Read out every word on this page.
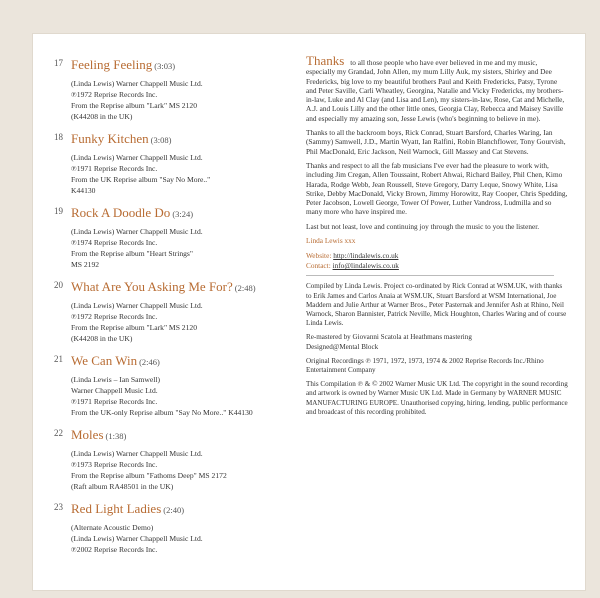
17 Feeling Feeling (3:03)
(Linda Lewis) Warner Chappell Music Ltd.
℗1972 Reprise Records Inc.
From the Reprise album "Lark" MS 2120
(K44208 in the UK)
18 Funky Kitchen (3:08)
(Linda Lewis) Warner Chappell Music Ltd.
℗1971 Reprise Records Inc.
From the UK Reprise album "Say No More.."
K44130
19 Rock A Doodle Do (3:24)
(Linda Lewis) Warner Chappell Music Ltd.
℗1974 Reprise Records Inc.
From the Reprise album "Heart Strings"
MS 2192
20 What Are You Asking Me For? (2:48)
(Linda Lewis) Warner Chappell Music Ltd.
℗1972 Reprise Records Inc.
From the Reprise album "Lark" MS 2120
(K44208 in the UK)
21 We Can Win (2:46)
(Linda Lewis – Ian Samwell)
Warner Chappell Music Ltd.
℗1971 Reprise Records Inc.
From the UK-only Reprise album "Say No More.." K44130
22 Moles (1:38)
(Linda Lewis) Warner Chappell Music Ltd.
℗1973 Reprise Records Inc.
From the Reprise album "Fathoms Deep" MS 2172
(Raft album RA48501 in the UK)
23 Red Light Ladies (2:40)
(Alternate Acoustic Demo)
(Linda Lewis) Warner Chappell Music Ltd.
℗2002 Reprise Records Inc.

Thanks to all those people who have ever believed in me and my music, especially my Grandad, John Allen, my mum Lilly Auk, my sisters, Shirley and Dee Fredericks, big love to my beautiful brothers Paul and Keith Fredericks, Patsy, Tyrone and Peter Saville, Carli Wheatley, Georgina, Natalie and Vicky Fredericks, my brothers-in-law, Luke and Al Clay (and Lisa and Len), my sisters-in-law, Rose, Cat and Michelle, A.J. and Louis Lilly and the other little ones, Georgia Clay, Rebecca and Maisey Saville and especially my amazing son, Jesse Lewis (who's beginning to believe in me).

Thanks to all the backroom boys, Rick Conrad, Stuart Barsford, Charles Waring, Ian (Sammy) Samwell, J.D., Martin Wyatt, Ian Ralfini, Robin Blanchflower, Tony Gourvish, Phil MacDonald, Eric Jackson, Neil Warnock, Gill Massey and Cat Stevens.

Thanks and respect to all the fab musicians I've ever had the pleasure to work with, including Jim Cregan, Allen Toussaint, Robert Ahwai, Richard Bailey, Phil Chen, Kimo Harada, Rodge Webb, Jean Roussell, Steve Gregory, Darry Leque, Snowy White, Lisa Strike, Debby MacDonald, Vicky Brown, Jimmy Horowitz, Ray Cooper, Chris Spedding, Peter Jacobson, Lowell George, Tower Of Power, Luther Vandross, Ludmilla and so many more who have inspired me.

Last but not least, love and continuing joy through the music to you the listener.

Linda Lewis xxx
Website: http://lindalewis.co.uk
Contact: info@lindalewis.co.uk

Compiled by Linda Lewis. Project co-ordinated by Rick Conrad at WSM.UK, with thanks to Erik James and Carlos Anaia at WSM.UK, Stuart Barsford at WSM International, Joe Maddern and Julie Arthur at Warner Bros., Peter Pasternak and Jennifer Ash at Rhino, Neil Warnock, Sharon Bannister, Patrick Neville, Mick Houghton, Charles Waring and of course Linda Lewis.

Re-mastered by Giovanni Scatola at Heathmans mastering
Designed@Mental Block

Original Recordings ℗ 1971, 1972, 1973, 1974 & 2002 Reprise Records Inc./Rhino Entertainment Company

This Compilation ℗ & © 2002 Warner Music UK Ltd. The copyright in the sound recording and artwork is owned by Warner Music UK Ltd. Made in Germany by WARNER MUSIC MANUFACTURING EUROPE. Unauthorised copying, hiring, lending, public performance and broadcast of this recording prohibited.
